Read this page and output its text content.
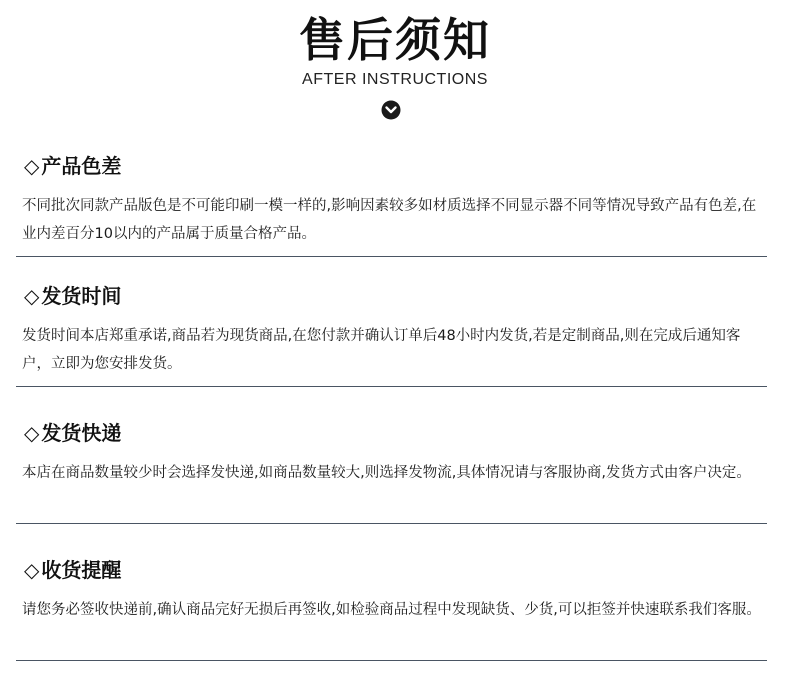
售后须知
AFTER INSTRUCTIONS
◇ 产品色差
不同批次同款产品版色是不可能印刷一模一样的,影响因素较多如材质选择不同显示器不同等情况导致产品有色差,在业内差百分10以内的产品属于质量合格产品。
◇ 发货时间
发货时间本店郑重承诺,商品若为现货商品,在您付款并确认订单后48小时内发货,若是定制商品,则在完成后通知客户，立即为您安排发货。
◇ 发货快递
本店在商品数量较少时会选择发快递,如商品数量较大,则选择发物流,具体情况请与客服协商,发货方式由客户决定。
◇ 收货提醒
请您务必签收快递前,确认商品完好无损后再签收,如检验商品过程中发现缺货、少货,可以拒签并快速联系我们客服。
